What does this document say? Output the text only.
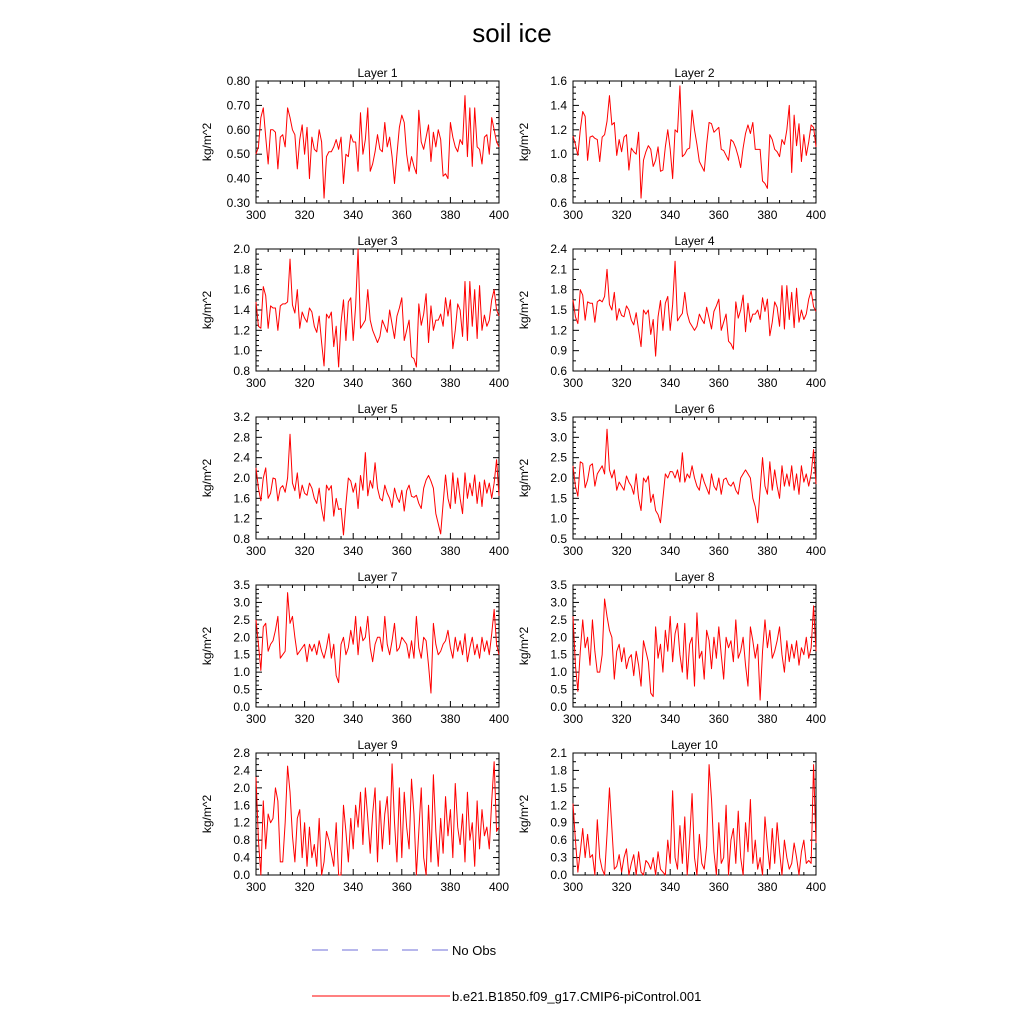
soil ice
Layer 1
kg/m^2
300 320 340 360 380 400
0.30
0.40
0.50
0.60
0.70
0.80
Layer 2
kg/m^2
300 320 340 360 380 400
0.6
0.8
1.0
1.2
1.4
1.6
Layer 3
kg/m^2
300 320 340 360 380 400
0.8
1.0
1.2
1.4
1.6
1.8
2.0
Layer 4
kg/m^2
300 320 340 360 380 400
0.6
0.9
1.2
1.5
1.8
2.1
2.4
Layer 5
kg/m^2
300 320 340 360 380 400
0.8
1.2
1.6
2.0
2.4
2.8
3.2
Layer 6
kg/m^2
300 320 340 360 380 400
0.5
1.0
1.5
2.0
2.5
3.0
3.5
Layer 7
kg/m^2
300 320 340 360 380 400
0.0
0.5
1.0
1.5
2.0
2.5
3.0
3.5
Layer 8
kg/m^2
300 320 340 360 380 400
0.0
0.5
1.0
1.5
2.0
2.5
3.0
3.5
Layer 9
kg/m^2
300 320 340 360 380 400
0.0
0.4
0.8
1.2
1.6
2.0
2.4
2.8
Layer 10
kg/m^2
300 320 340 360 380 400
0.0
0.3
0.6
0.9
1.2
1.5
1.8
2.1
No Obs
b.e21.B1850.f09_g17.CMIP6-piControl.001
